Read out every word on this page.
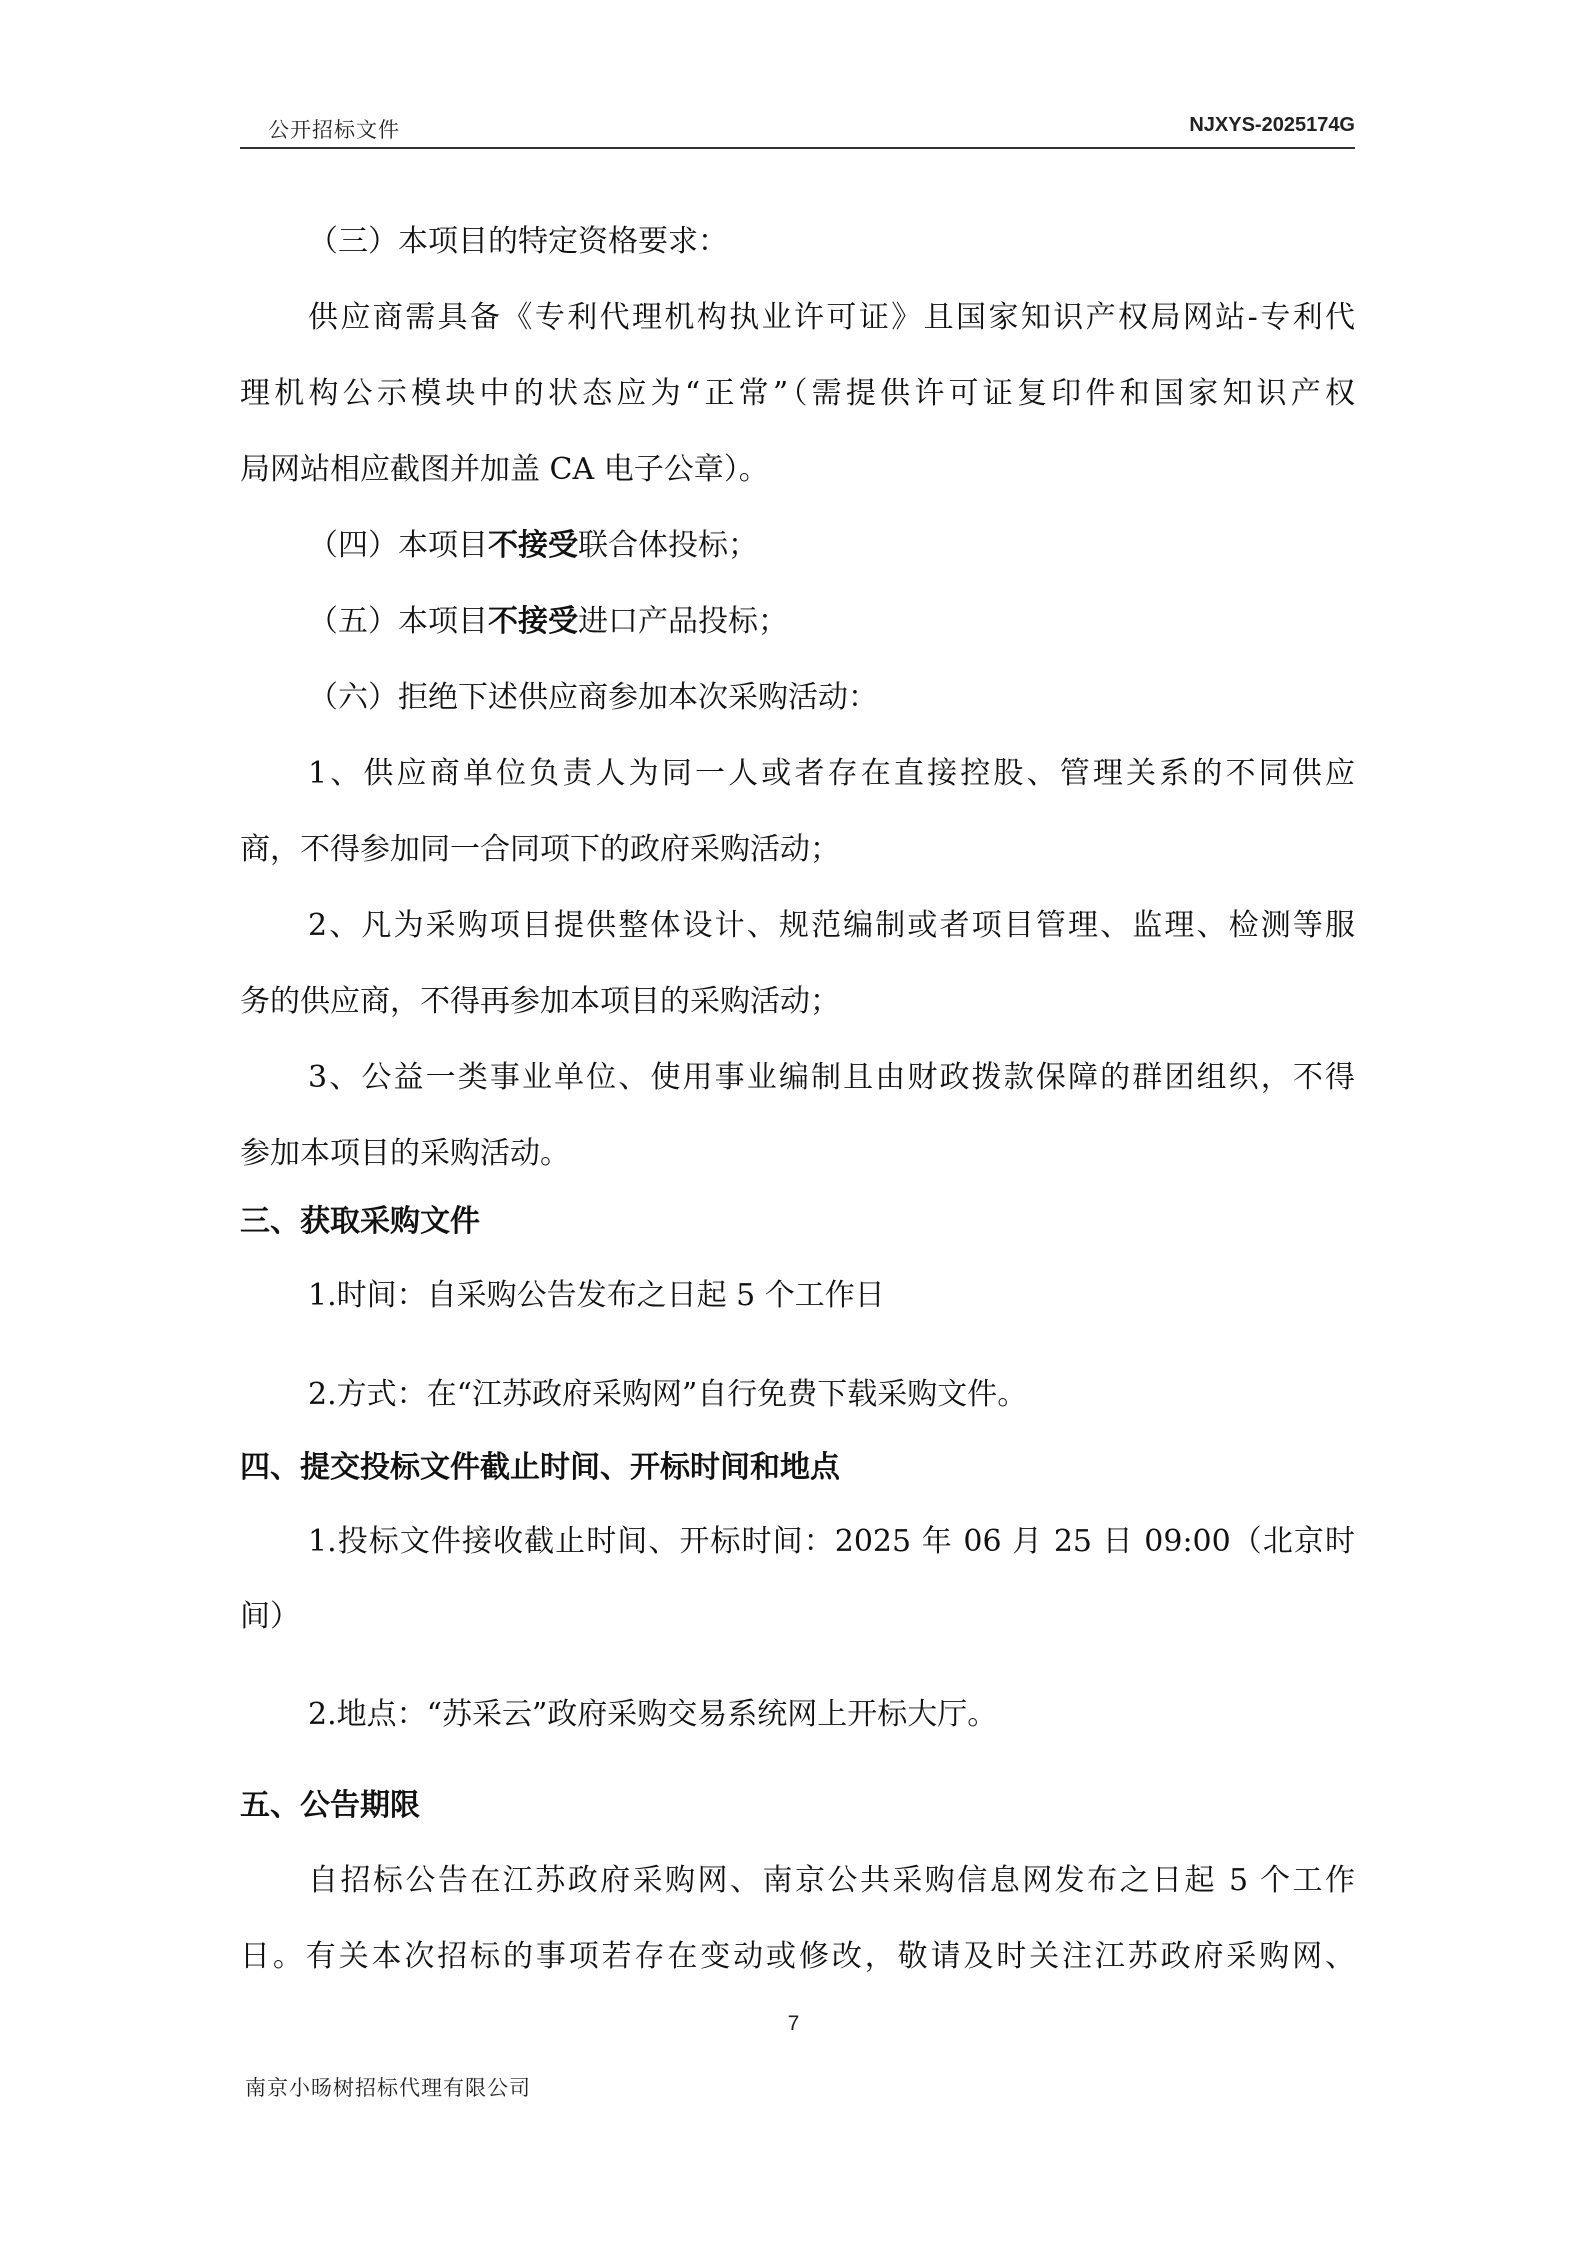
公开招标文件	NJXYS-2025174G
（三）本项目的特定资格要求：
供应商需具备《专利代理机构执业许可证》且国家知识产权局网站-专利代
理机构公示模块中的状态应为“正常”（需提供许可证复印件和国家知识产权
局网站相应截图并加盖 CA 电子公章）。
（四）本项目不接受联合体投标；
（五）本项目不接受进口产品投标；
（六）拒绝下述供应商参加本次采购活动：
1、供应商单位负责人为同一人或者存在直接控股、管理关系的不同供应
商，不得参加同一合同项下的政府采购活动；
2、凡为采购项目提供整体设计、规范编制或者项目管理、监理、检测等服
务的供应商，不得再参加本项目的采购活动；
3、公益一类事业单位、使用事业编制且由财政拨款保障的群团组织，不得
参加本项目的采购活动。
三、获取采购文件
1.时间：自采购公告发布之日起 5 个工作日
2.方式：在“江苏政府采购网”自行免费下载采购文件。
四、提交投标文件截止时间、开标时间和地点
1.投标文件接收截止时间、开标时间：2025 年 06 月 25 日 09:00（北京时
间）
2.地点：“苏采云”政府采购交易系统网上开标大厅。
五、公告期限
自招标公告在江苏政府采购网、南京公共采购信息网发布之日起 5 个工作
日。有关本次招标的事项若存在变动或修改，敬请及时关注江苏政府采购网、
7
南京小旸树招标代理有限公司
